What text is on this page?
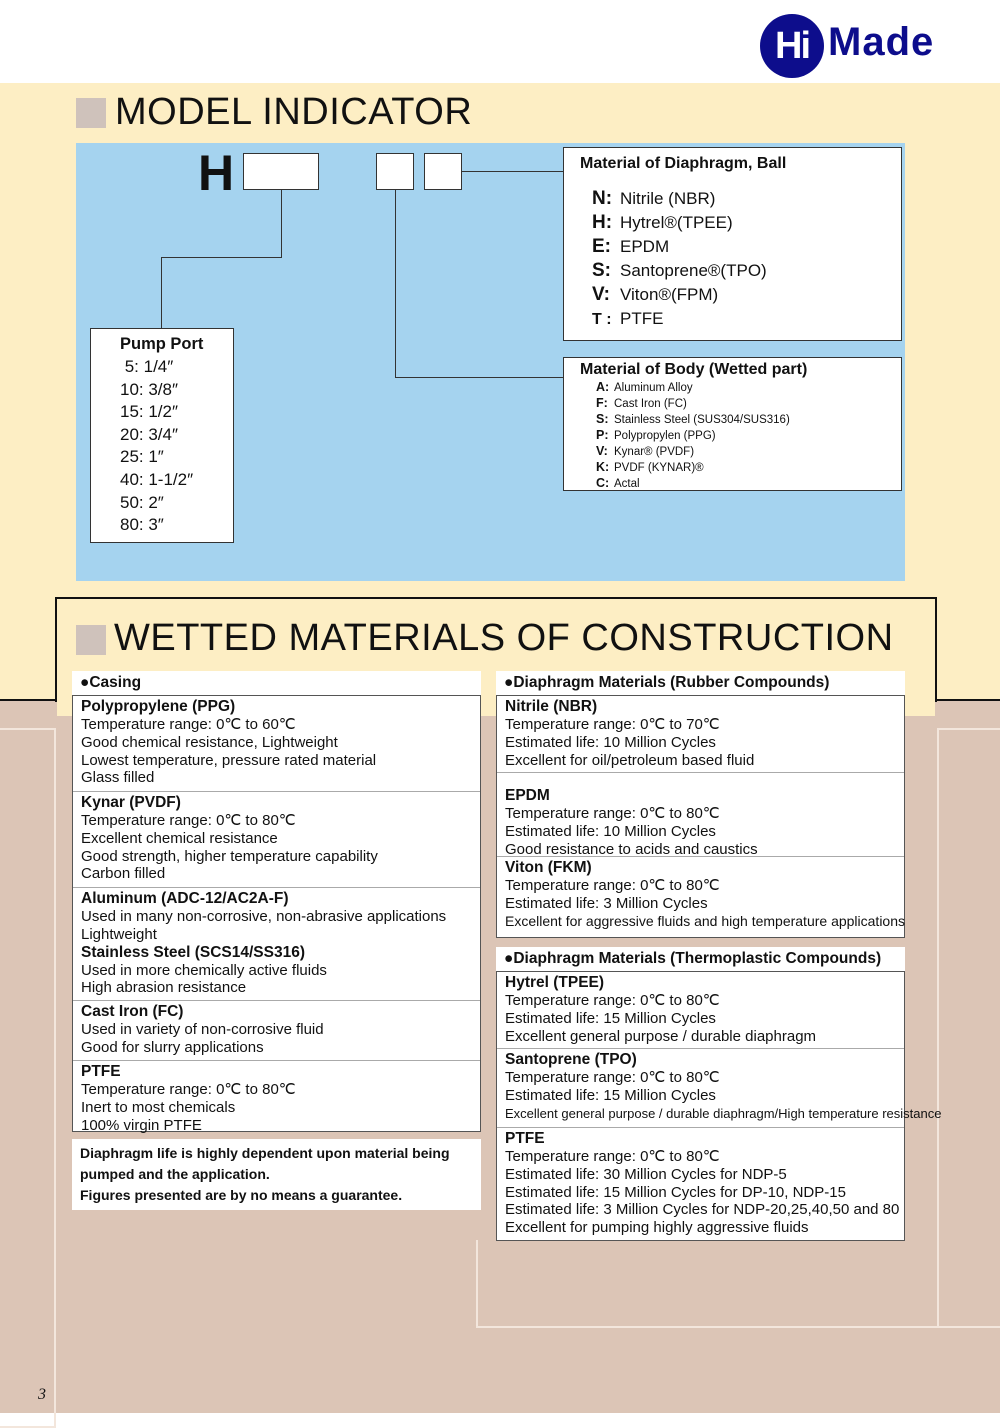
Hi Made
MODEL INDICATOR
H	Material of Diaphragm, Ball
N: Nitrile (NBR)
H: Hytrel®(TPEE)
E: EPDM
S: Santoprene®(TPO)
V: Viton®(FPM)
T : PTFE
Material of Body (Wetted part)
A: Aluminum Alloy
F: Cast Iron (FC)
S: Stainless Steel (SUS304/SUS316)
P: Polypropylen (PPG)
V: Kynar® (PVDF)
K: PVDF (KYNAR)®
C: Actal
Pump Port
5: 1/4″
10: 3/8″
15: 1/2″
20: 3/4″
25: 1″
40: 1-1/2″
50: 2″
80: 3″
WETTED MATERIALS OF CONSTRUCTION
●Casing
Polypropylene (PPG)
Temperature range: 0℃ to 60℃
Good chemical resistance, Lightweight
Lowest temperature, pressure rated material
Glass filled
Kynar (PVDF)
Temperature range: 0℃ to 80℃
Excellent chemical resistance
Good strength, higher temperature capability
Carbon filled
Aluminum (ADC-12/AC2A-F)
Used in many non-corrosive, non-abrasive applications
Lightweight
Stainless Steel (SCS14/SS316)
Used in more chemically active fluids
High abrasion resistance
Cast Iron (FC)
Used in variety of non-corrosive fluid
Good for slurry applications
PTFE
Temperature range: 0℃ to 80℃
Inert to most chemicals
100% virgin PTFE
Diaphragm life is highly dependent upon material being
pumped and the application.
Figures presented are by no means a guarantee.
●Diaphragm Materials (Rubber Compounds)
Nitrile (NBR)
Temperature range: 0℃ to 70℃
Estimated life: 10 Million Cycles
Excellent for oil/petroleum based fluid
EPDM
Temperature range: 0℃ to 80℃
Estimated life: 10 Million Cycles
Good resistance to acids and caustics
Viton (FKM)
Temperature range: 0℃ to 80℃
Estimated life: 3 Million Cycles
Excellent for aggressive fluids and high temperature applications
●Diaphragm Materials (Thermoplastic Compounds)
Hytrel (TPEE)
Temperature range: 0℃ to 80℃
Estimated life: 15 Million Cycles
Excellent general purpose / durable diaphragm
Santoprene (TPO)
Temperature range: 0℃ to 80℃
Estimated life: 15 Million Cycles
Excellent general purpose / durable diaphragm/High temperature resistance
PTFE
Temperature range: 0℃ to 80℃
Estimated life: 30 Million Cycles for NDP-5
Estimated life: 15 Million Cycles for DP-10, NDP-15
Estimated life: 3 Million Cycles for NDP-20,25,40,50 and 80
Excellent for pumping highly aggressive fluids
3
